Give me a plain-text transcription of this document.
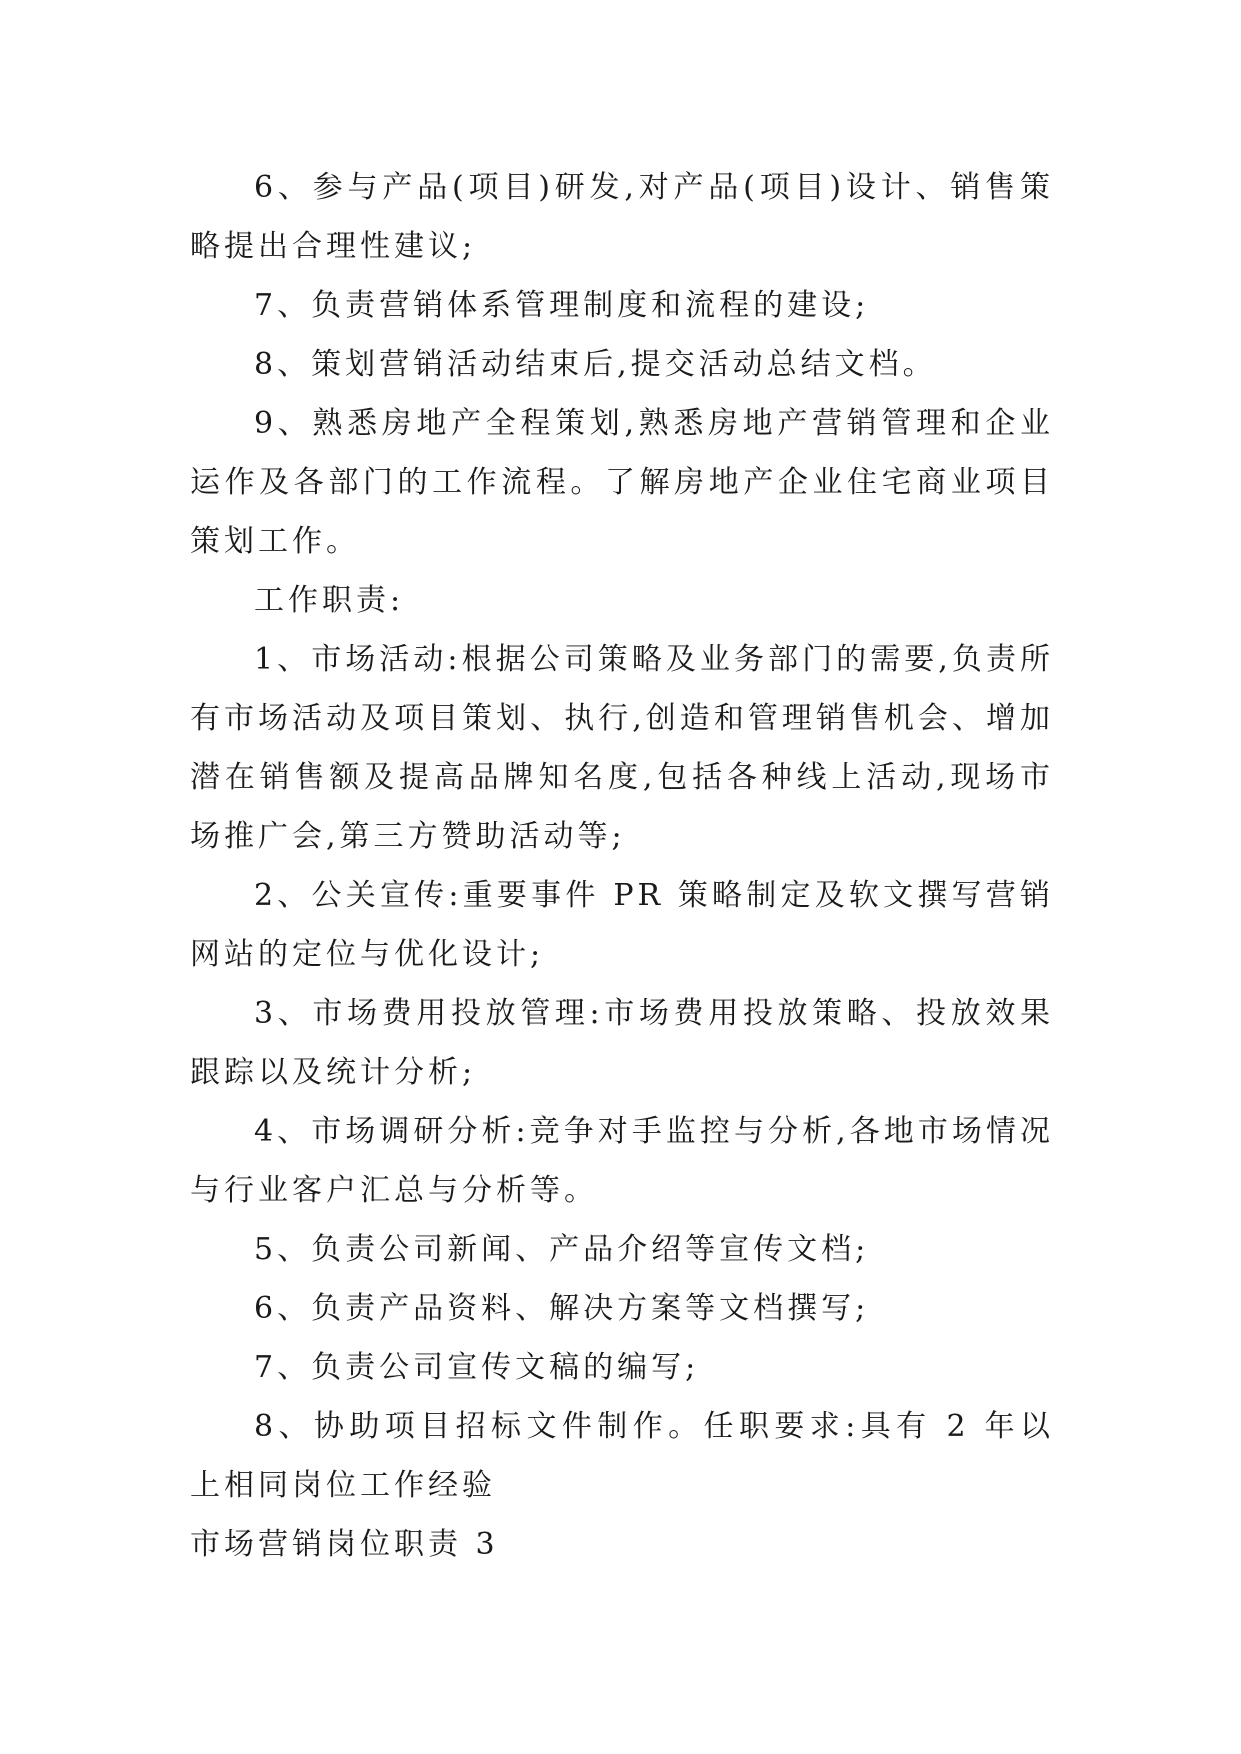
6、参与产品(项目)研发,对产品(项目)设计、销售策略提出合理性建议;

7、负责营销体系管理制度和流程的建设;

8、策划营销活动结束后,提交活动总结文档。

9、熟悉房地产全程策划,熟悉房地产营销管理和企业运作及各部门的工作流程。了解房地产企业住宅商业项目策划工作。

工作职责:

1、市场活动:根据公司策略及业务部门的需要,负责所有市场活动及项目策划、执行,创造和管理销售机会、增加潜在销售额及提高品牌知名度,包括各种线上活动,现场市场推广会,第三方赞助活动等;

2、公关宣传:重要事件 PR 策略制定及软文撰写营销网站的定位与优化设计;

3、市场费用投放管理:市场费用投放策略、投放效果跟踪以及统计分析;

4、市场调研分析:竞争对手监控与分析,各地市场情况与行业客户汇总与分析等。

5、负责公司新闻、产品介绍等宣传文档;

6、负责产品资料、解决方案等文档撰写;

7、负责公司宣传文稿的编写;

8、协助项目招标文件制作。任职要求:具有 2 年以上相同岗位工作经验

市场营销岗位职责 3
